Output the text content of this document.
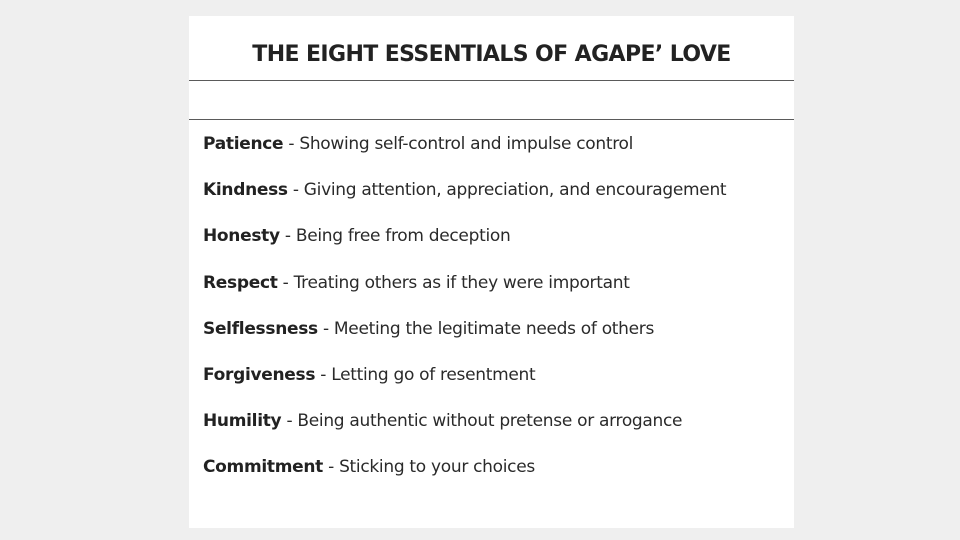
THE EIGHT ESSENTIALS OF AGAPE’ LOVE
Patience - Showing self-control and impulse control
Kindness - Giving attention, appreciation, and encouragement
Honesty - Being free from deception
Respect - Treating others as if they were important
Selflessness - Meeting the legitimate needs of others
Forgiveness - Letting go of resentment
Humility - Being authentic without pretense or arrogance
Commitment - Sticking to your choices
